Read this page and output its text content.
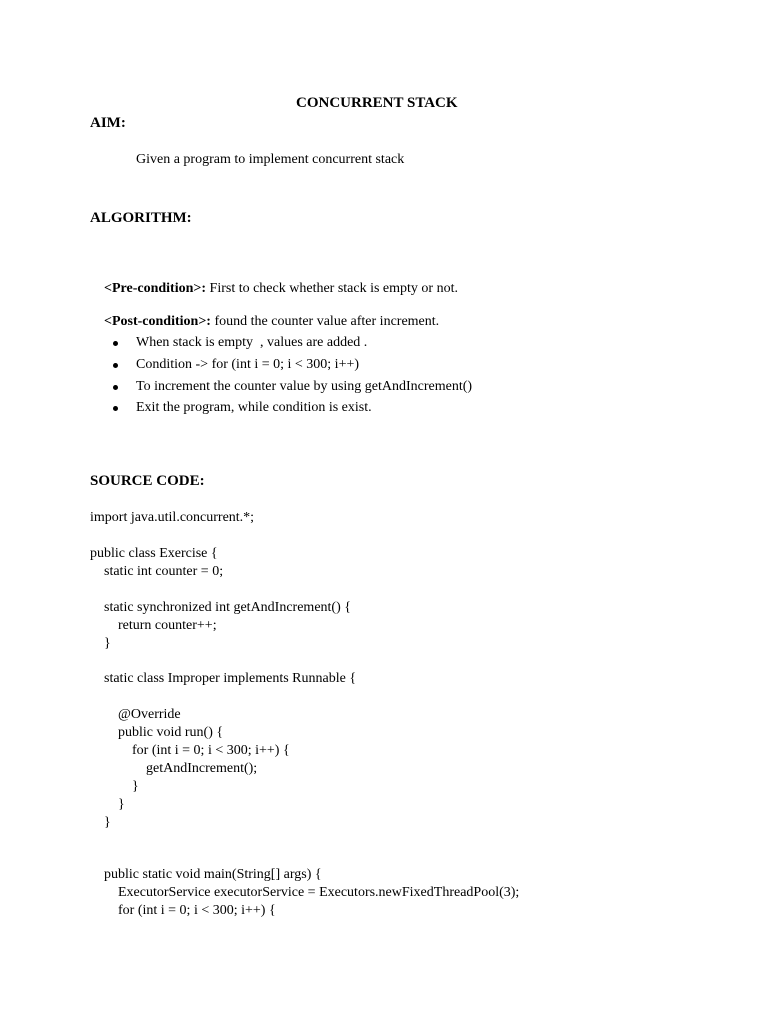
CONCURRENT STACK
AIM:
Given a program to implement concurrent stack
ALGORITHM:

<Pre-condition>: First to check whether stack is empty or not.

<Post-condition>: found the counter value after increment.

When stack is empty  , values are added .
Condition -> for (int i = 0; i < 300; i++)
To increment the counter value by using getAndIncrement()
Exit the program, while condition is exist.
SOURCE CODE:
import java.util.concurrent.*;
public class Exercise {
static int counter = 0;
static synchronized int getAndIncrement() {
return counter++;
}
static class Improper implements Runnable {
@Override
public void run() {
for (int i = 0; i < 300; i++) {
getAndIncrement();
}
}
}
public static void main(String[] args) {
ExecutorService executorService = Executors.newFixedThreadPool(3);
for (int i = 0; i < 300; i++) {
